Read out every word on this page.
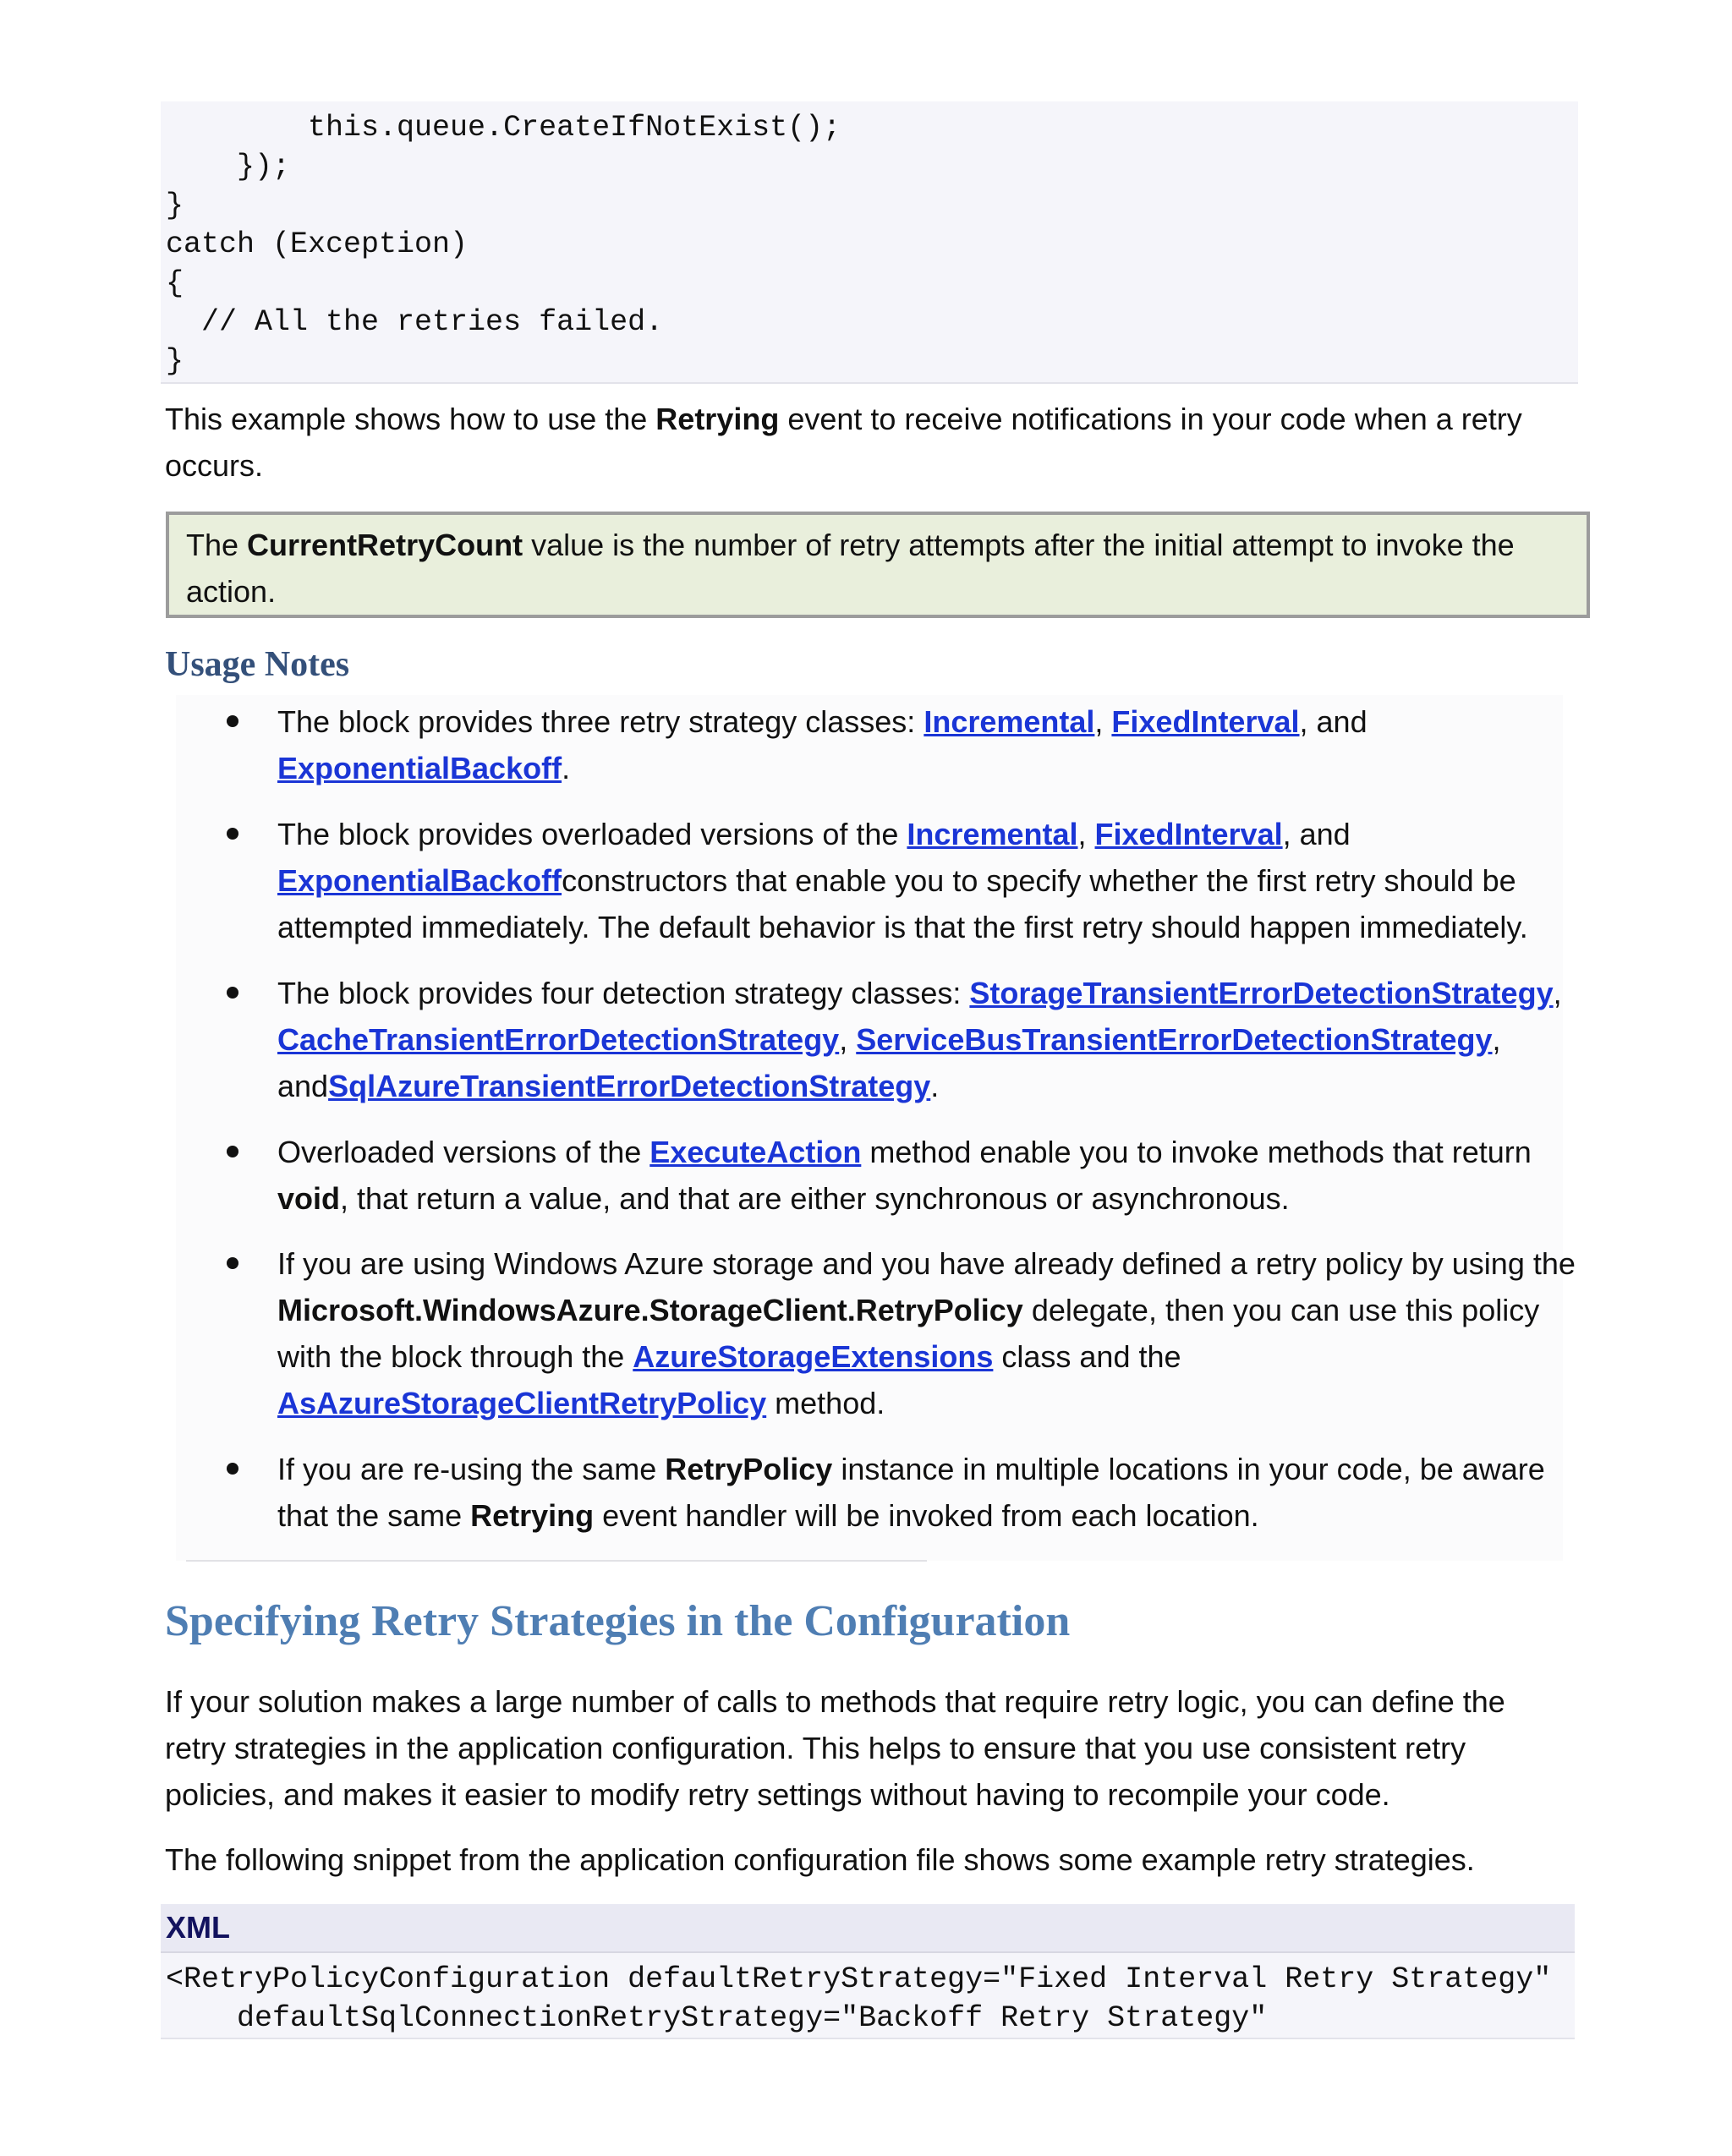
this.queue.CreateIfNotExist();
});
}
catch (Exception)
{
// All the retries failed.
}

This example shows how to use the Retrying event to receive notifications in your code when a retry occurs.

The CurrentRetryCount value is the number of retry attempts after the initial attempt to invoke the action.
Usage Notes
The block provides three retry strategy classes: Incremental, FixedInterval, and ExponentialBackoff.
The block provides overloaded versions of the Incremental, FixedInterval, and ExponentialBackoffconstructors that enable you to specify whether the first retry should be attempted immediately. The default behavior is that the first retry should happen immediately.
The block provides four detection strategy classes: StorageTransientErrorDetectionStrategy, CacheTransientErrorDetectionStrategy, ServiceBusTransientErrorDetectionStrategy, andSqlAzureTransientErrorDetectionStrategy.
Overloaded versions of the ExecuteAction method enable you to invoke methods that return void, that return a value, and that are either synchronous or asynchronous.
If you are using Windows Azure storage and you have already defined a retry policy by using the Microsoft.WindowsAzure.StorageClient.RetryPolicy delegate, then you can use this policy with the block through the AzureStorageExtensions class and the AsAzureStorageClientRetryPolicy method.
If you are re-using the same RetryPolicy instance in multiple locations in your code, be aware that the same Retrying event handler will be invoked from each location.
Specifying Retry Strategies in the Configuration

If your solution makes a large number of calls to methods that require retry logic, you can define the retry strategies in the application configuration. This helps to ensure that you use consistent retry policies, and makes it easier to modify retry settings without having to recompile your code.

The following snippet from the application configuration file shows some example retry strategies.

XML
<RetryPolicyConfiguration defaultRetryStrategy="Fixed Interval Retry Strategy"
defaultSqlConnectionRetryStrategy="Backoff Retry Strategy"
